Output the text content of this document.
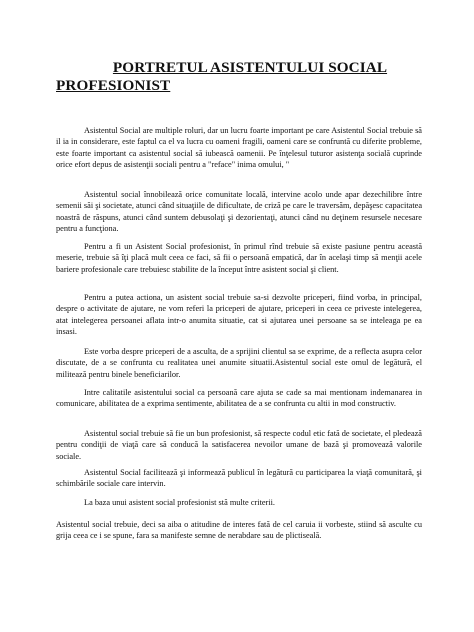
PORTRETUL ASISTENTULUI SOCIAL
PROFESIONIST
Asistentul Social are multiple roluri, dar un lucru foarte important pe care Asistentul Social trebuie să il ia in considerare, este faptul ca el va lucra cu oameni fragili, oameni care se confruntă cu diferite probleme, este foarte important ca asistentul social să iubească oamenii. Pe înţelesul tuturor asistenţa socială cuprinde orice efort depus de asistenţii sociali pentru a "reface" inima omului, "
Asistentul social înnobilează orice comunitate locală, intervine acolo unde apar dezechilibre între semenii săi şi societate, atunci când situaţiile de dificultate, de criză pe care le traversăm, depăşesc capacitatea noastră de răspuns, atunci când suntem debusolaţi şi dezorientaţi, atunci când nu deţinem resursele necesare pentru a funcţiona.
Pentru a fi un Asistent Social profesionist, în primul rînd trebuie să existe pasiune pentru această meserie, trebuie să îţi placă mult ceea ce faci, să fii o persoană empatică, dar în acelaşi timp să menţii acele bariere profesionale care trebuiesc stabilite de la început între asistent social şi client.
Pentru a putea actiona, un asistent social trebuie sa-si dezvolte priceperi, fiind vorba, in principal, despre o activitate de ajutare, ne vom referi la priceperi de ajutare, priceperi in ceea ce priveste intelegerea, atat intelegerea persoanei aflata intr-o anumita situatie, cat si ajutarea unei persoane sa se inteleaga pe ea insasi.
Este vorba despre priceperi de a asculta, de a sprijini clientul sa se exprime, de a reflecta asupra celor discutate, de a se confrunta cu realitatea unei anumite situatii.Asistentul social este omul de legătură, el militează pentru binele beneficiarilor.
Intre calitatile asistentului social ca persoană care ajuta se cade sa mai mentionam indemanarea in comunicare, abilitatea de a exprima sentimente, abilitatea de a se confrunta cu altii in mod constructiv.
Asistentul social trebuie să fie un bun profesionist, să respecte codul etic fată de societate, el pledează pentru condiţii de viaţă care să conducă la satisfacerea nevoilor umane de bază şi promovează valorile sociale.
Asistentul Social facilitează şi informează publicul în legătură cu participarea la viaţă comunitară, şi schimbările sociale care intervin.
La baza unui asistent social profesionist stă multe criterii.
Asistentul social trebuie, deci sa aiba o atitudine de interes fată de cel caruia ii vorbeste, stiind să asculte cu grija ceea ce i se spune, fara sa manifeste semne de nerabdare sau de plictiseală.
